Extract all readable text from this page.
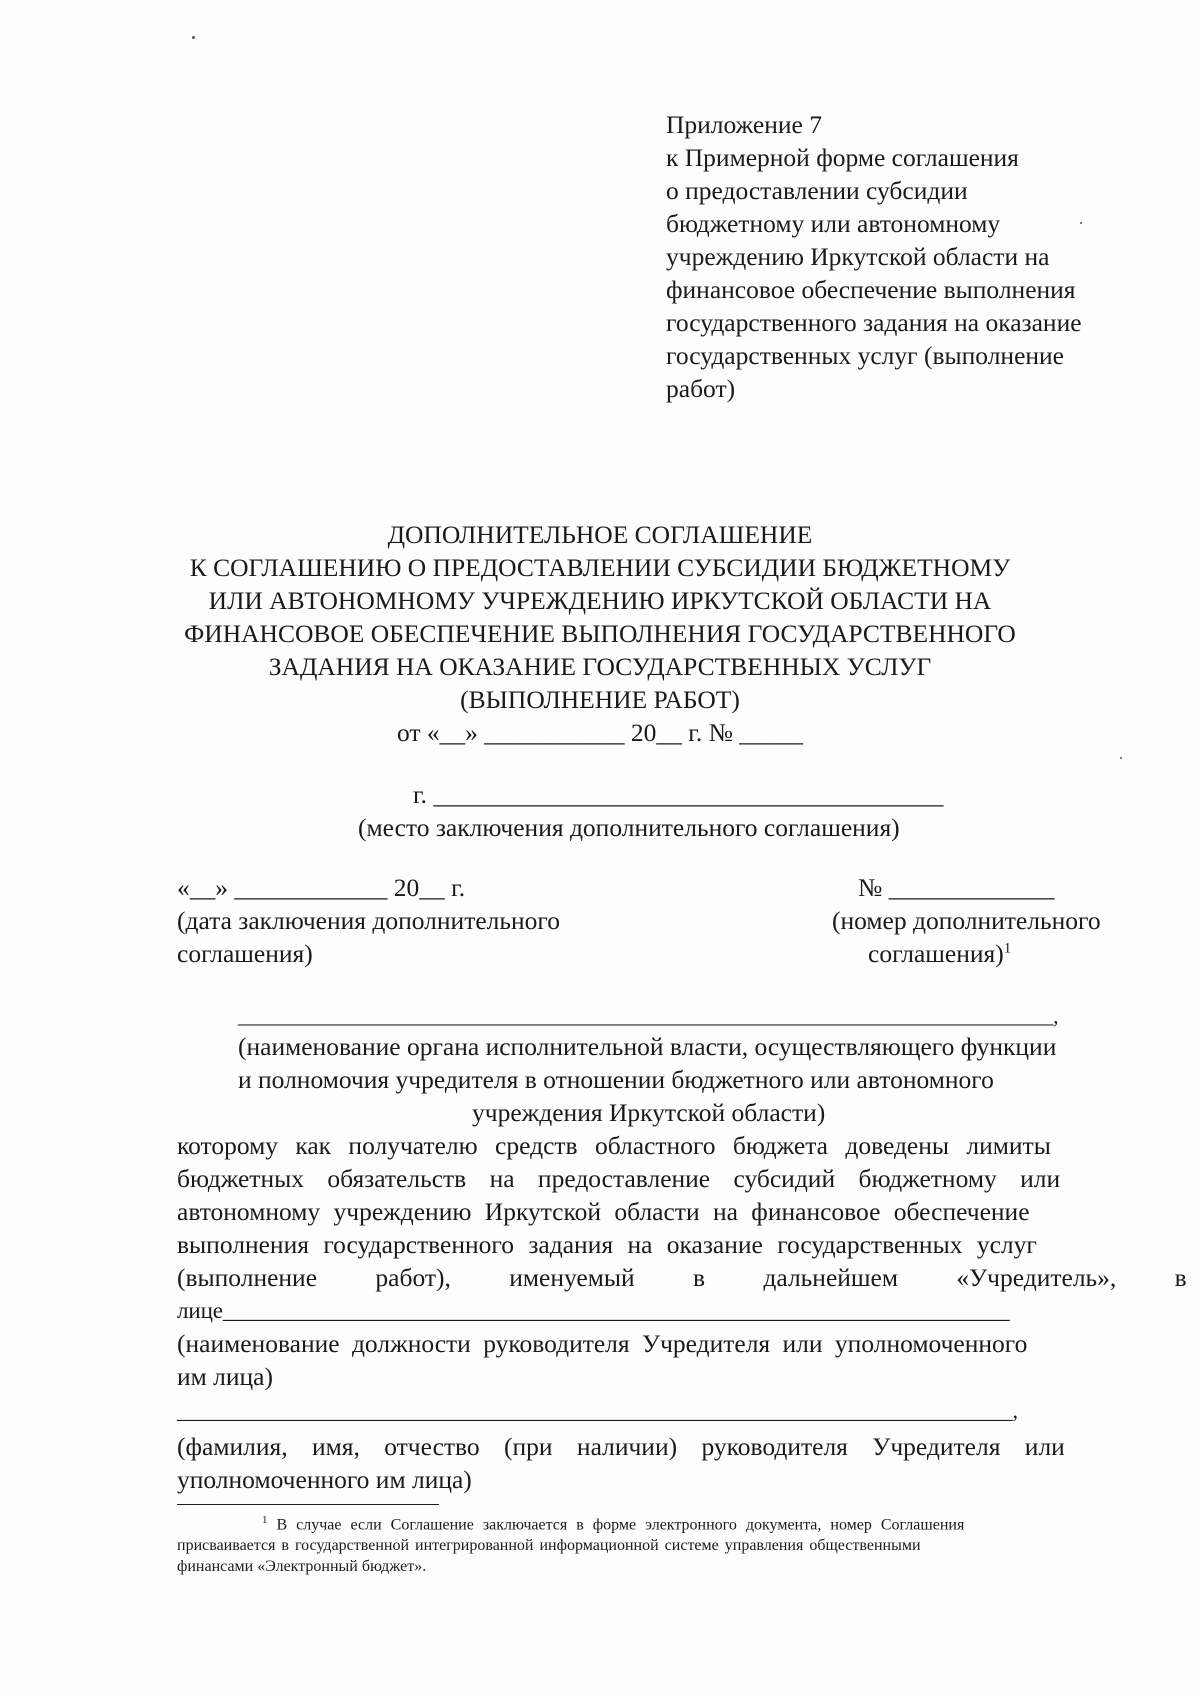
Приложение 7
к Примерной форме соглашения
о предоставлении субсидии
бюджетному или автономному
учреждению Иркутской области на
финансовое обеспечение выполнения
государственного задания на оказание
государственных услуг (выполнение
работ)
ДОПОЛНИТЕЛЬНОЕ СОГЛАШЕНИЕ
К СОГЛАШЕНИЮ О ПРЕДОСТАВЛЕНИИ СУБСИДИИ БЮДЖЕТНОМУ
ИЛИ АВТОНОМНОМУ УЧРЕЖДЕНИЮ ИРКУТСКОЙ ОБЛАСТИ НА
ФИНАНСОВОЕ ОБЕСПЕЧЕНИЕ ВЫПОЛНЕНИЯ ГОСУДАРСТВЕННОГО
ЗАДАНИЯ НА ОКАЗАНИЕ ГОСУДАРСТВЕННЫХ УСЛУГ
(ВЫПОЛНЕНИЕ РАБОТ)
от «__» ___________ 20__ г. № _____
г. ________________________________________
(место заключения дополнительного соглашения)
«__» ____________ 20__ г.
(дата заключения дополнительного
соглашения)
№ _____________
(номер дополнительного
соглашения)$^1$
______________________________________________________________________________,
(наименование органа исполнительной власти, осуществляющего функции
и полномочия учредителя в отношении бюджетного или автономного
учреждения Иркутской области)
которому как получателю средств областного бюджета доведены лимиты
бюджетных обязательств на предоставление субсидий бюджетному или
автономному учреждению Иркутской области на финансовое обеспечение
выполнения государственного задания на оказание государственных услуг
(выполнение работ), именуемый в дальнейшем «Учредитель», в
лице_____________________________________________________________________
(наименование должности руководителя Учредителя или уполномоченного
им лица)
____________________________________________________________________________,
(фамилия, имя, отчество (при наличии) руководителя Учредителя или
уполномоченного им лица)
$^1$ В случае если Соглашение заключается в форме электронного документа, номер Соглашения
присваивается в государственной интегрированной информационной системе управления общественными
финансами «Электронный бюджет».
